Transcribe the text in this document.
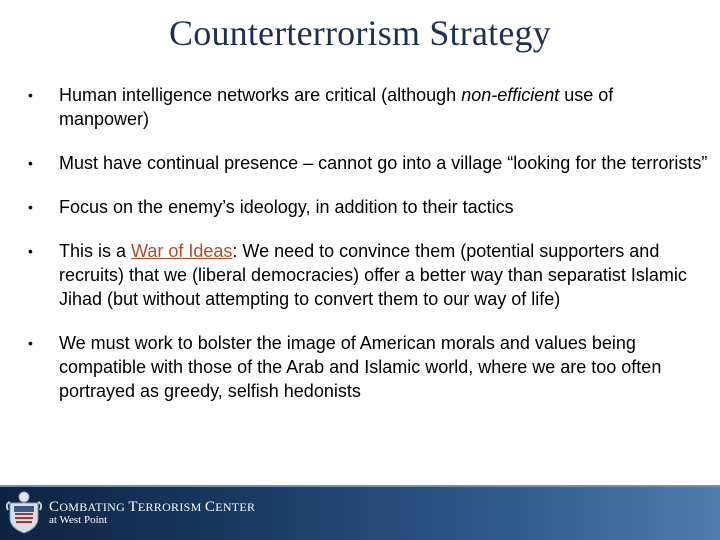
Counterterrorism Strategy
• Human intelligence networks are critical (although non-efficient use of manpower)
• Must have continual presence – cannot go into a village “looking for the terrorists”
• Focus on the enemy’s ideology, in addition to their tactics
• This is a War of Ideas: We need to convince them (potential supporters and recruits) that we (liberal democracies) offer a better way than separatist Islamic Jihad (but without attempting to convert them to our way of life)
• We must work to bolster the image of American morals and values being compatible with those of the Arab and Islamic world, where we are too often portrayed as greedy, selfish hedonists
COMBATING TERRORISM CENTER
at West Point
